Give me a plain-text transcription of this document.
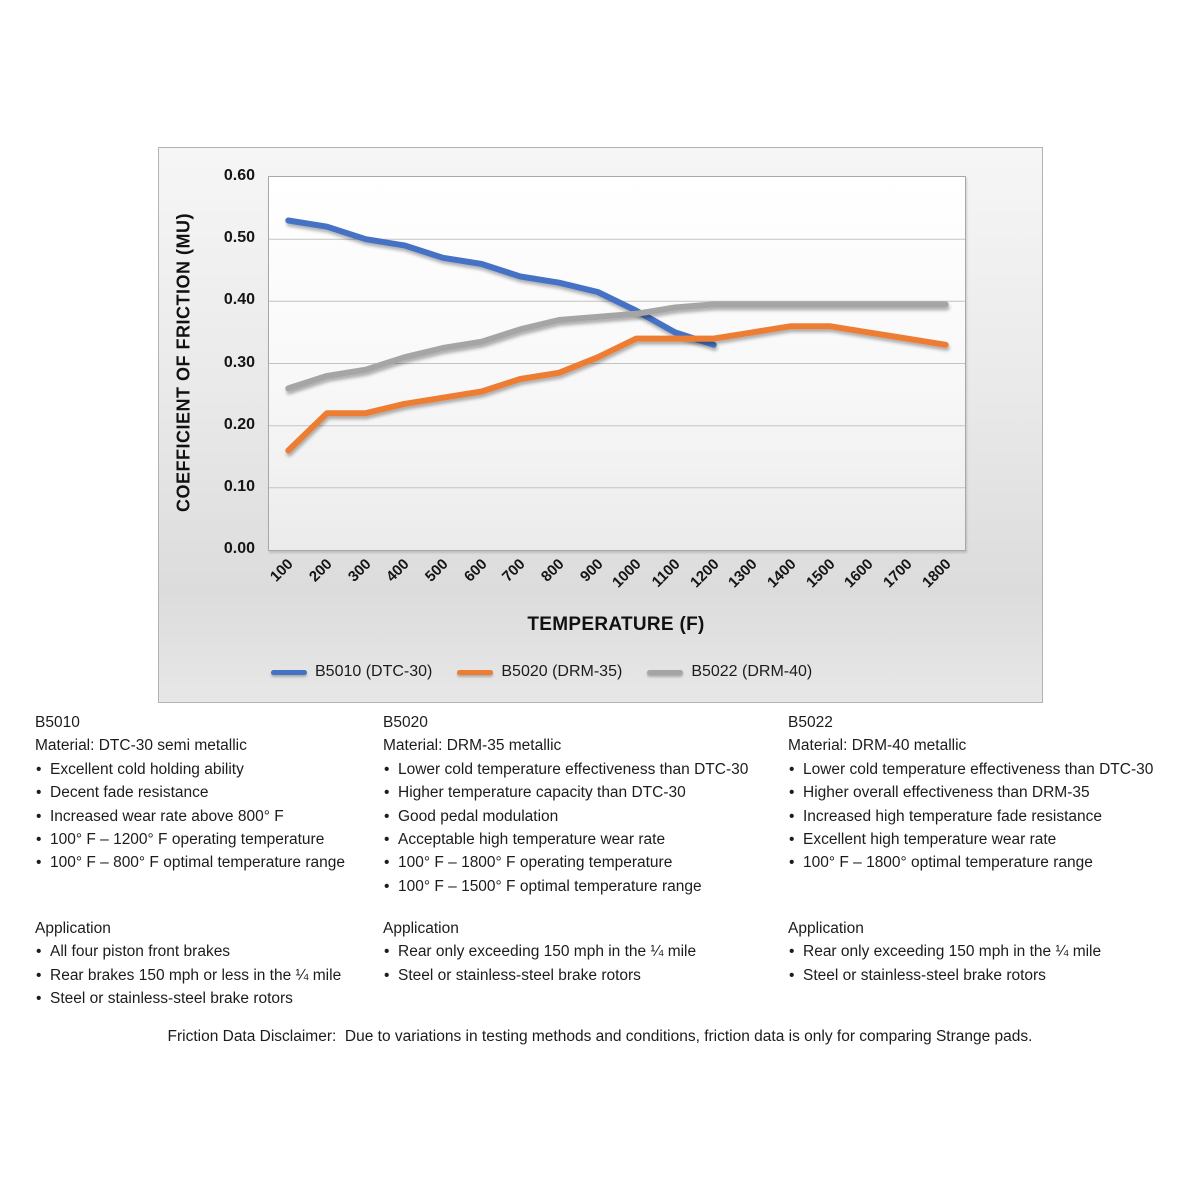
COEFFICIENT OF FRICTION (MU)
0.60
0.50
0.40
0.30
0.20
0.10
0.00
100 200 300 400 500 600 700 800 900 1000 1100 1200 1300 1400 1500 1600 1700 1800
TEMPERATURE (F)
B5010 (DTC-30)	B5020 (DRM-35)	B5022 (DRM-40)
B5010
Material: DTC-30 semi metallic
• Excellent cold holding ability
• Decent fade resistance
• Increased wear rate above 800° F
• 100° F – 1200° F operating temperature
• 100° F – 800° F optimal temperature range
B5020
Material: DRM-35 metallic
• Lower cold temperature effectiveness than DTC-30
• Higher temperature capacity than DTC-30
• Good pedal modulation
• Acceptable high temperature wear rate
• 100° F – 1800° F operating temperature
• 100° F – 1500° F optimal temperature range
B5022
Material: DRM-40 metallic
• Lower cold temperature effectiveness than DTC-30
• Higher overall effectiveness than DRM-35
• Increased high temperature fade resistance
• Excellent high temperature wear rate
• 100° F – 1800° optimal temperature range
Application
• All four piston front brakes
• Rear brakes 150 mph or less in the ¼ mile
• Steel or stainless-steel brake rotors
Application
• Rear only exceeding 150 mph in the ¼ mile
• Steel or stainless-steel brake rotors
Application
• Rear only exceeding 150 mph in the ¼ mile
• Steel or stainless-steel brake rotors
Friction Data Disclaimer:  Due to variations in testing methods and conditions, friction data is only for comparing Strange pads.
